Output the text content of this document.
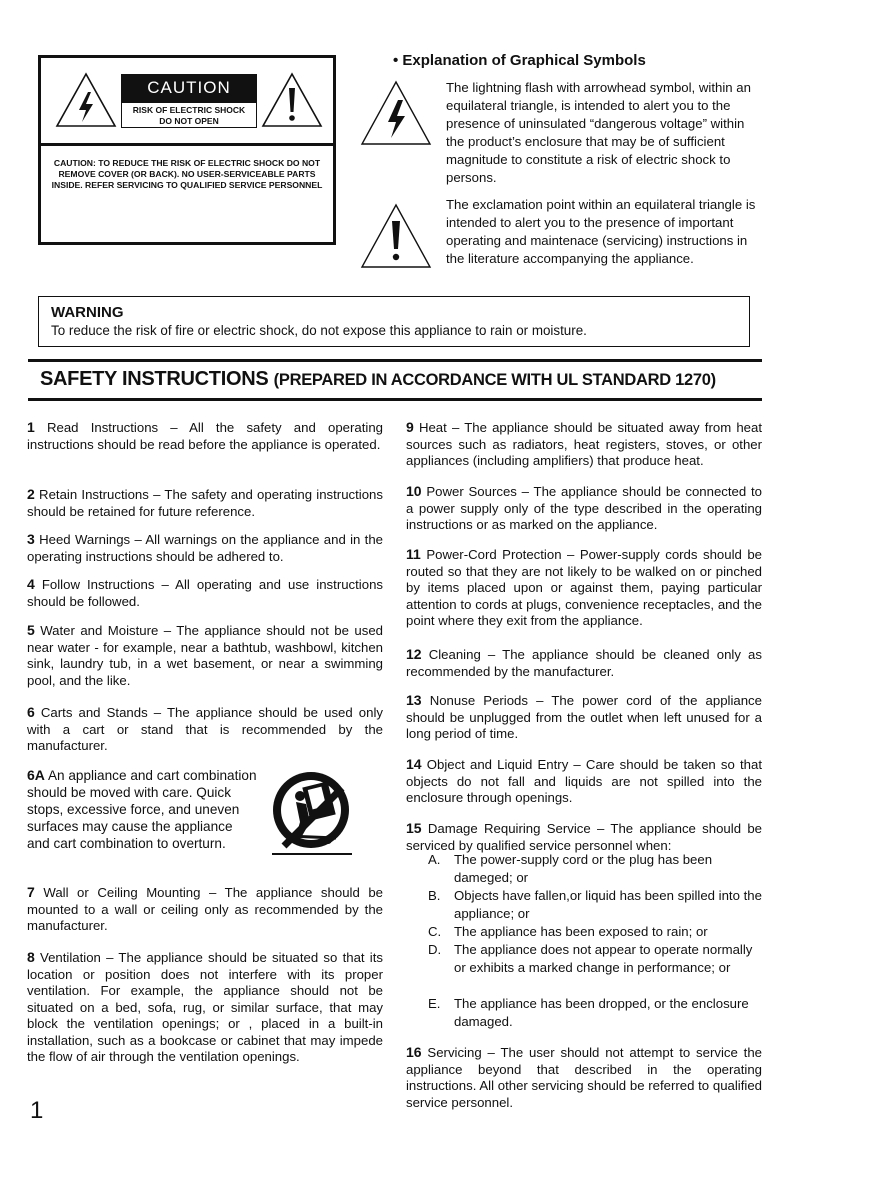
CAUTION
RISK OF ELECTRIC SHOCK
DO NOT OPEN
CAUTION: TO REDUCE THE RISK OF ELECTRIC SHOCK DO NOT REMOVE COVER (OR BACK). NO USER-SERVICEABLE PARTS INSIDE. REFER SERVICING TO QUALIFIED SERVICE PERSONNEL
• Explanation of Graphical Symbols
The lightning flash with arrowhead symbol, within an equilateral triangle, is intended to alert you to the presence of uninsulated “dangerous voltage” within the product’s enclosure that may be of sufficient magnitude to constitute a risk of electric shock to persons.
The exclamation point within an equilateral triangle is intended to alert you to the presence of important operating and maintenace (servicing) instructions in the literature accompanying the appliance.
WARNING
To reduce the risk of fire or electric shock, do not expose this appliance to rain or moisture.
SAFETY INSTRUCTIONS (PREPARED IN ACCORDANCE WITH UL STANDARD 1270)
1 Read Instructions – All the safety and operating instructions should be read before the appliance is operated.
2 Retain Instructions – The safety and operating instructions should be retained for future reference.
3 Heed Warnings – All warnings on the appliance and in the operating instructions should be adhered to.
4 Follow Instructions – All operating and use instructions should be followed.
5 Water and Moisture – The appliance should not be used near water - for example, near a bathtub, washbowl, kitchen sink, laundry tub, in a wet basement, or near a swimming pool, and the like.
6 Carts and Stands – The appliance should be used only with a cart or stand that is recommended by the manufacturer.
6A An appliance and cart combination should be moved with care. Quick stops, excessive force, and uneven surfaces may cause the appliance and cart combination to overturn.
7 Wall or Ceiling Mounting – The appliance should be mounted to a wall or ceiling only as recommended by the manufacturer.
8 Ventilation – The appliance should be situated so that its location or position does not interfere with its proper ventilation. For example, the appliance should not be situated on a bed, sofa, rug, or similar surface, that may block the ventilation openings; or , placed in a built-in installation, such as a bookcase or cabinet that may impede the flow of air through the ventilation openings.
9 Heat – The appliance should be situated away from heat sources such as radiators, heat registers, stoves, or other appliances (including amplifiers) that produce heat.
10 Power Sources – The appliance should be connected to a power supply only of the type described in the operating instructions or as marked on the appliance.
11 Power-Cord Protection – Power-supply cords should be routed so that they are not likely to be walked on or pinched by items placed upon or against them, paying particular attention to cords at plugs, convenience receptacles, and the point where they exit from the appliance.
12 Cleaning – The appliance should be cleaned only as recommended by the manufacturer.
13 Nonuse Periods – The power cord of the appliance should be unplugged from the outlet when left unused for a long period of time.
14 Object and Liquid Entry – Care should be taken so that objects do not fall and liquids are not spilled into the enclosure through openings.
15 Damage Requiring Service – The appliance should be serviced by qualified service personnel when:
A. The power-supply cord or the plug has been dameged; or
B. Objects have fallen,or liquid has been spilled into the appliance; or
C. The appliance has been exposed to rain; or
D. The appliance does not appear to operate normally or exhibits a marked change in performance; or
E. The appliance has been dropped, or the enclosure damaged.
16 Servicing – The user should not attempt to service the appliance beyond that described in the operating instructions. All other servicing should be referred to qualified service personnel.
1
